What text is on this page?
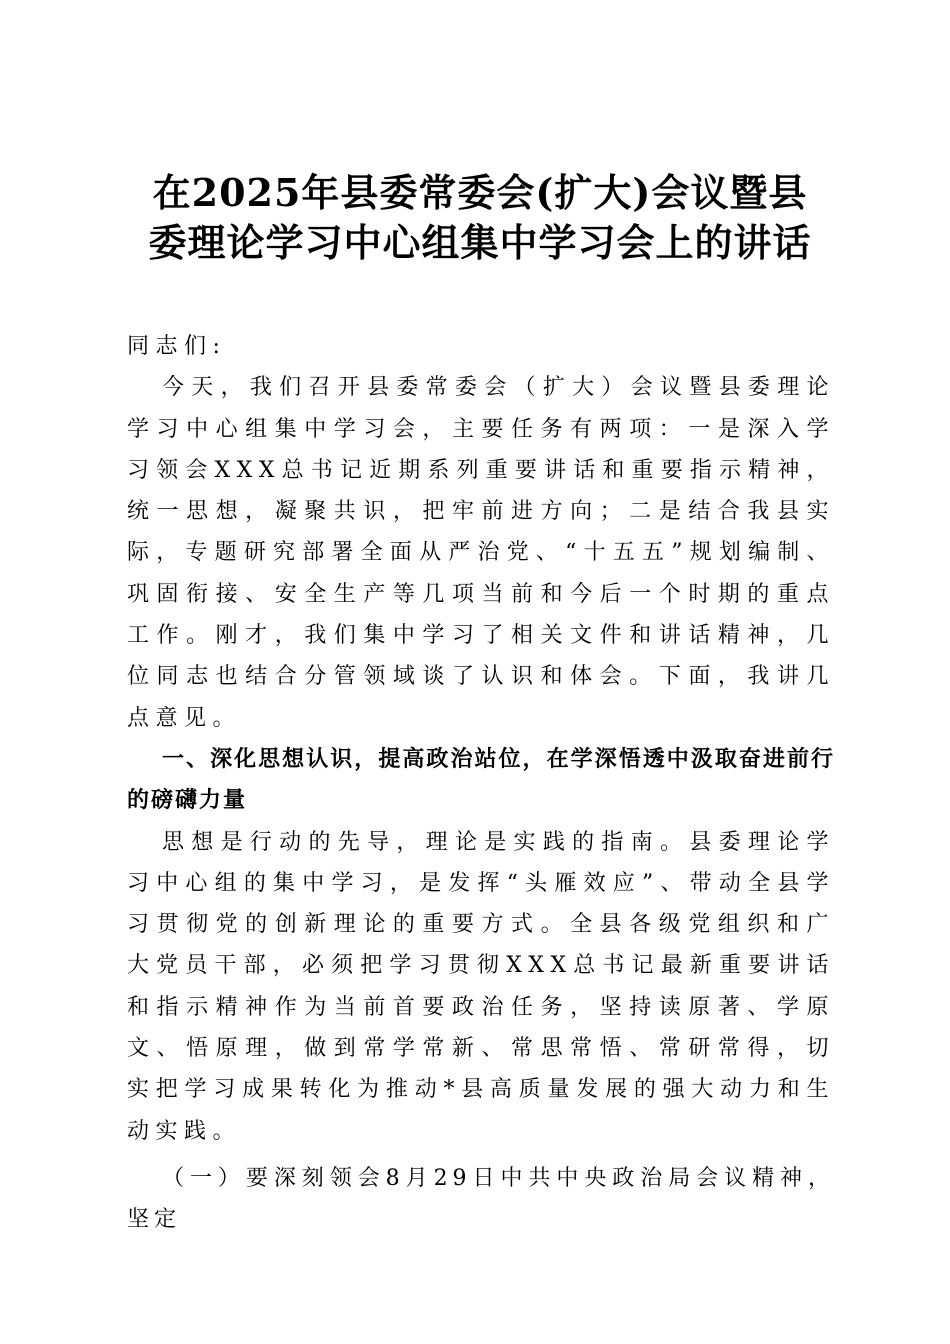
在2025年县委常委会(扩大)会议暨县
委理论学习中心组集中学习会上的讲话

同志们:

今天，我们召开县委常委会（扩大）会议暨县委理论学习中心组集中学习会，主要任务有两项：一是深入学习领会XXX总书记近期系列重要讲话和重要指示精神，统一思想，凝聚共识，把牢前进方向；二是结合我县实际，专题研究部署全面从严治党、“十五五”规划编制、巩固衔接、安全生产等几项当前和今后一个时期的重点工作。刚才，我们集中学习了相关文件和讲话精神，几位同志也结合分管领域谈了认识和体会。下面，我讲几点意见。

一、深化思想认识，提高政治站位，在学深悟透中汲取奋进前行的磅礴力量

思想是行动的先导，理论是实践的指南。县委理论学习中心组的集中学习，是发挥“头雁效应”、带动全县学习贯彻党的创新理论的重要方式。全县各级党组织和广大党员干部，必须把学习贯彻XXX总书记最新重要讲话和指示精神作为当前首要政治任务，坚持读原著、学原文、悟原理，做到常学常新、常思常悟、常研常得，切实把学习成果转化为推动*县高质量发展的强大动力和生动实践。

（一）要深刻领会8月29日中共中央政治局会议精神，坚定
